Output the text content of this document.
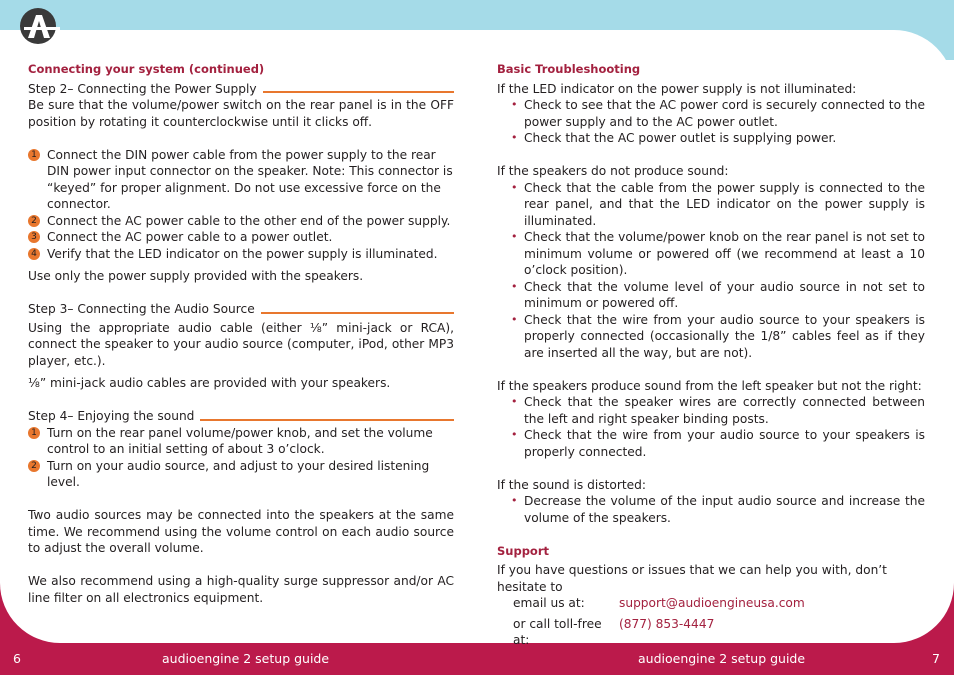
Connecting your system (continued)

Step 2– Connecting the Power Supply

Be sure that the volume/power switch on the rear panel is in the OFF position by rotating it counterclockwise until it clicks off.

1 Connect the DIN power cable from the power supply to the rear DIN power input connector on the speaker. Note: This connector is “keyed” for proper alignment. Do not use excessive force on the connector.
2 Connect the AC power cable to the other end of the power supply.
3 Connect the AC power cable to a power outlet.
4 Verify that the LED indicator on the power supply is illuminated.

Use only the power supply provided with the speakers.

Step 3– Connecting the Audio Source

Using the appropriate audio cable (either ⅛” mini-jack or RCA), connect the speaker to your audio source (computer, iPod, other MP3 player, etc.).

⅛” mini-jack audio cables are provided with your speakers.

Step 4– Enjoying the sound
1 Turn on the rear panel volume/power knob, and set the volume control to an initial setting of about 3 o’clock.
2 Turn on your audio source, and adjust to your desired listening level.

Two audio sources may be connected into the speakers at the same time. We recommend using the volume control on each audio source to adjust the overall volume.

We also recommend using a high-quality surge suppressor and/or AC line filter on all electronics equipment.

Basic Troubleshooting

If the LED indicator on the power supply is not illuminated:

• Check to see that the AC power cord is securely connected to the power supply and to the AC power outlet.
• Check that the AC power outlet is supplying power.

If the speakers do not produce sound:

• Check that the cable from the power supply is connected to the rear panel, and that the LED indicator on the power supply is illuminated.
• Check that the volume/power knob on the rear panel is not set to minimum volume or powered off (we recommend at least a 10 o’clock position).
• Check that the volume level of your audio source in not set to minimum or powered off.
• Check that the wire from your audio source to your speakers is properly connected (occasionally the 1/8” cables feel as if they are inserted all the way, but are not).

If the speakers produce sound from the left speaker but not the right:

• Check that the speaker wires are correctly connected between the left and right speaker binding posts.
• Check that the wire from your audio source to your speakers is properly connected.

If the sound is distorted:

• Decrease the volume of the input audio source and increase the volume of the speakers.

Support

If you have questions or issues that we can help you with, don’t hesitate to

email us at:	support@audioengineusa.com
or call toll-free at:
(877) 853-4447
6	audioengine 2 setup guide	audioengine 2 setup guide	7
